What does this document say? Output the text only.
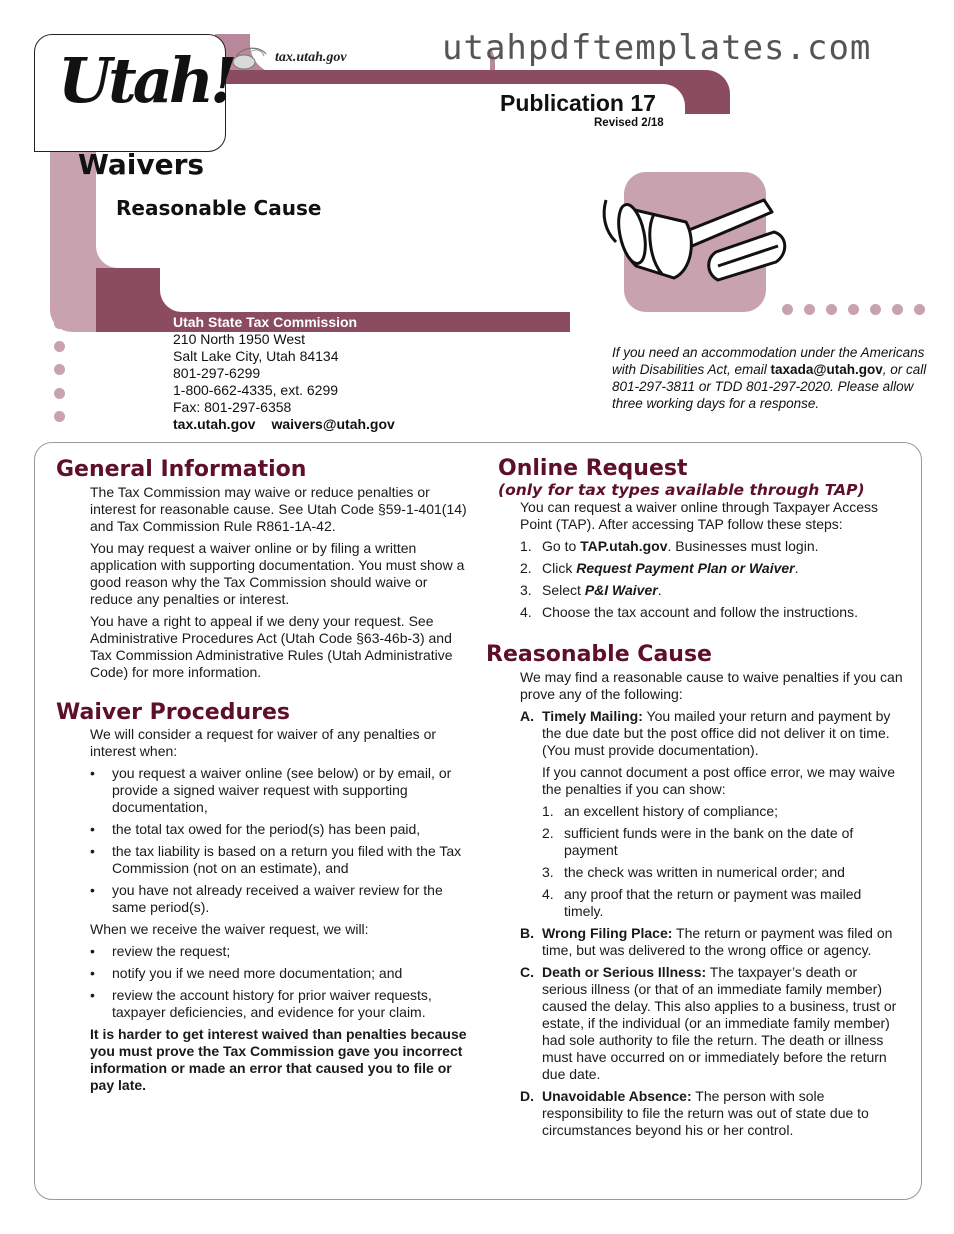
Utah!	tax.utah.gov	utahpdftemplates.com
Publication 17
Revised 2/18
Waivers
Reasonable Cause
Utah State Tax Commission
210 North 1950 West
Salt Lake City, Utah 84134
801-297-6299
1-800-662-4335, ext. 6299
Fax: 801-297-6358
tax.utah.gov waivers@utah.gov
If you need an accommodation under the Americans with Disabilities Act, email taxada@utah.gov, or call 801-297-3811 or TDD 801-297-2020. Please allow three working days for a response.
General Information

The Tax Commission may waive or reduce penalties or interest for reasonable cause. See Utah Code §59-1-401(14) and Tax Commission Rule R861-1A-42.

You may request a waiver online or by filing a written application with supporting documentation. You must show a good reason why the Tax Commission should waive or reduce any penalties or interest.

You have a right to appeal if we deny your request. See Administrative Procedures Act (Utah Code §63-46b-3) and Tax Commission Administrative Rules (Utah Administrative Code) for more information.

Waiver Procedures

We will consider a request for waiver of any penalties or interest when:

• you request a waiver online (see below) or by email, or provide a signed waiver request with supporting documentation,
• the total tax owed for the period(s) has been paid,
• the tax liability is based on a return you filed with the Tax Commission (not on an estimate), and
• you have not already received a waiver review for the same period(s).

When we receive the waiver request, we will:

• review the request;
• notify you if we need more documentation; and
• review the account history for prior waiver requests, taxpayer deficiencies, and evidence for your claim.

It is harder to get interest waived than penalties because you must prove the Tax Commission gave you incorrect information or made an error that caused you to file or pay late.

Online Request
(only for tax types available through TAP)

You can request a waiver online through Taxpayer Access Point (TAP). After accessing TAP follow these steps:

1. Go to TAP.utah.gov. Businesses must login.
2. Click Request Payment Plan or Waiver.
3. Select P&I Waiver.
4. Choose the tax account and follow the instructions.
Reasonable Cause

We may find a reasonable cause to waive penalties if you can prove any of the following:

A. Timely Mailing: You mailed your return and payment by the due date but the post office did not deliver it on time. (You must provide documentation).

If you cannot document a post office error, we may waive the penalties if you can show:

1. an excellent history of compliance;
2. sufficient funds were in the bank on the date of payment
3. the check was written in numerical order; and
4. any proof that the return or payment was mailed timely.
B. Wrong Filing Place: The return or payment was filed on time, but was delivered to the wrong office or agency.
C. Death or Serious Illness: The taxpayer’s death or serious illness (or that of an immediate family member) caused the delay. This also applies to a business, trust or estate, if the individual (or an immediate family member) had sole authority to file the return. The death or illness must have occurred on or immediately before the return due date.
D. Unavoidable Absence: The person with sole responsibility to file the return was out of state due to circumstances beyond his or her control.
